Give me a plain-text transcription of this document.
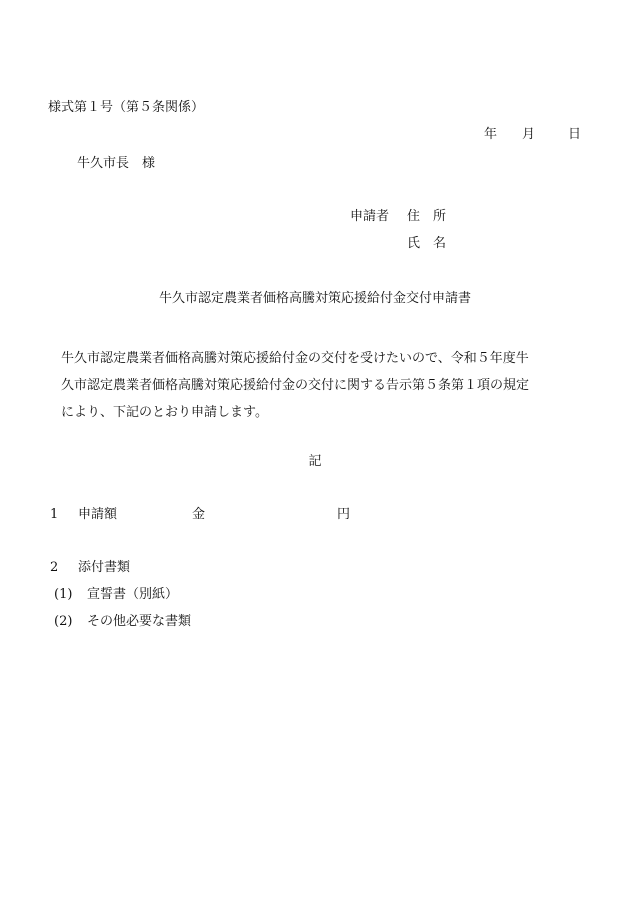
様式第１号（第５条関係）
年 月	日
牛久市長　様
申請者 住　所
氏　名
牛久市認定農業者価格高騰対策応援給付金交付申請書
牛久市認定農業者価格高騰対策応援給付金の交付を受けたいので、令和５年度牛
久市認定農業者価格高騰対策応援給付金の交付に関する告示第５条第１項の規定
により、下記のとおり申請します。
記
1 申請額	金	円
2 添付書類
(1) 宣誓書（別紙）
(2) その他必要な書類
